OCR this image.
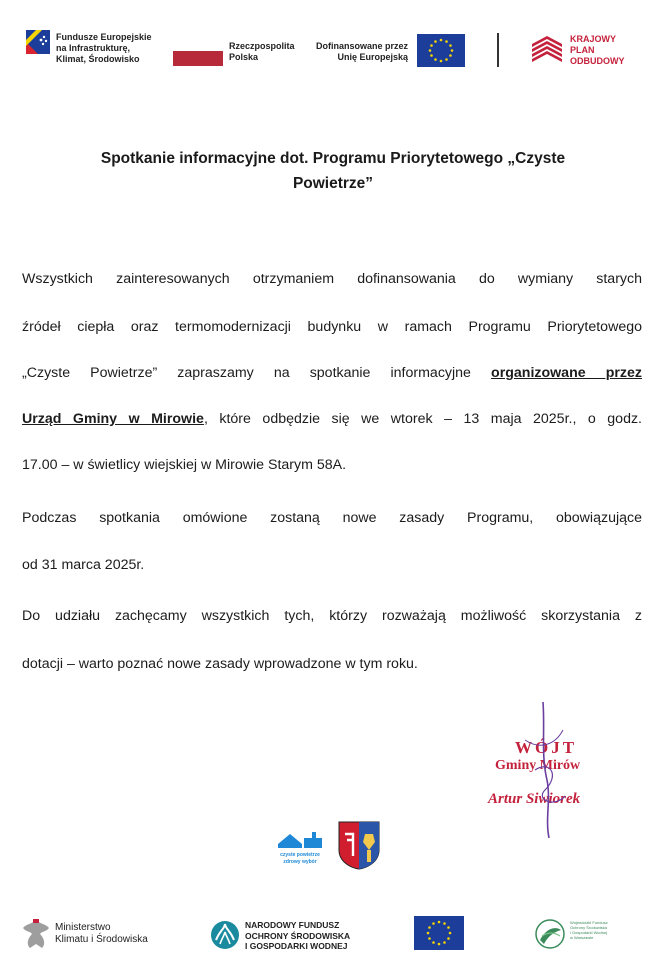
Fundusze Europejskie
na Infrastrukturę,
Klimat, Środowisko
Rzeczpospolita
Polska
Dofinansowane przez
Unię Europejską
KRAJOWY
PLAN
ODBUDOWY
Spotkanie informacyjne dot. Programu Priorytetowego „Czyste
Powietrze”
Wszystkich zainteresowanych otrzymaniem dofinansowania do wymiany starych
źródeł ciepła oraz termomodernizacji budynku w ramach Programu Priorytetowego
„Czyste Powietrze” zapraszamy na spotkanie informacyjne organizowane przez
Urząd Gminy w Mirowie, które odbędzie się we wtorek – 13 maja 2025r., o godz.
17.00 – w świetlicy wiejskiej w Mirowie Starym 58A.
Podczas spotkania omówione zostaną nowe zasady Programu, obowiązujące
od 31 marca 2025r.
Do udziału zachęcamy wszystkich tych, którzy rozważają możliwość skorzystania z
dotacji – warto poznać nowe zasady wprowadzone w tym roku.
WÓJT
Gminy Mirów
Artur Siwiorek
czyste powietrze
zdrowy wybór
Ministerstwo
Klimatu i Środowiska
NARODOWY FUNDUSZ
OCHRONY ŚRODOWISKA
I GOSPODARKI WODNEJ
Wojewódzki Fundusz
Ochrony Środowiska
i Gospodarki Wodnej
w Warszawie
